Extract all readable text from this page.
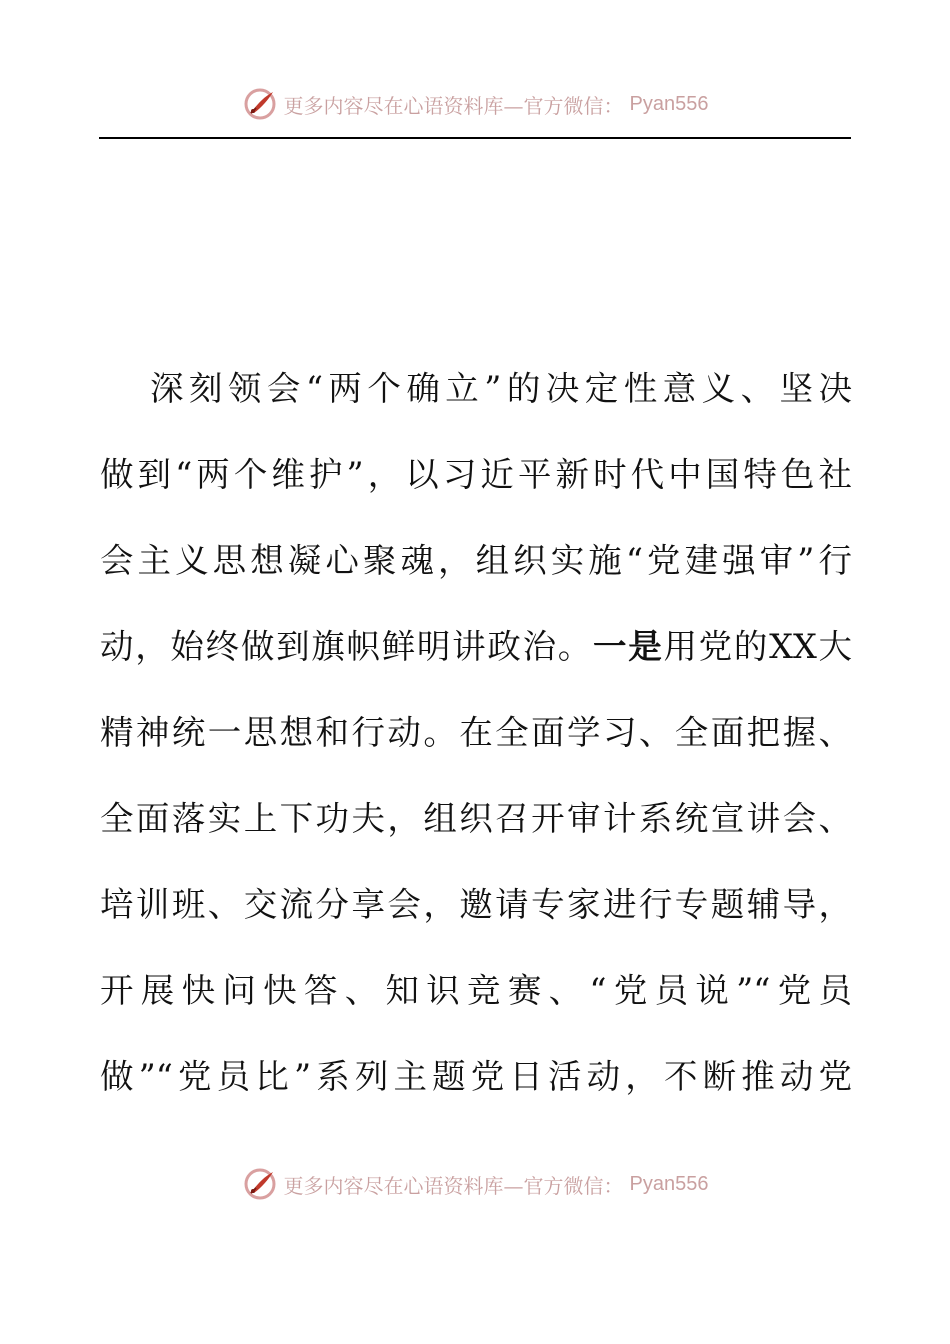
更多内容尽在心语资料库—官方微信： Pyan556
深刻领会“两个确立”的决定性意义、坚决
做到“两个维护”，以习近平新时代中国特色社
会主义思想凝心聚魂，组织实施“党建强审”行
动，始终做到旗帜鲜明讲政治。一是用党的XX大
精神统一思想和行动。在全面学习、全面把握、
全面落实上下功夫，组织召开审计系统宣讲会、
培训班、交流分享会，邀请专家进行专题辅导，
开展快问快答、知识竞赛、“党员说”“党员
做”“党员比”系列主题党日活动，不断推动党
更多内容尽在心语资料库—官方微信： Pyan556
